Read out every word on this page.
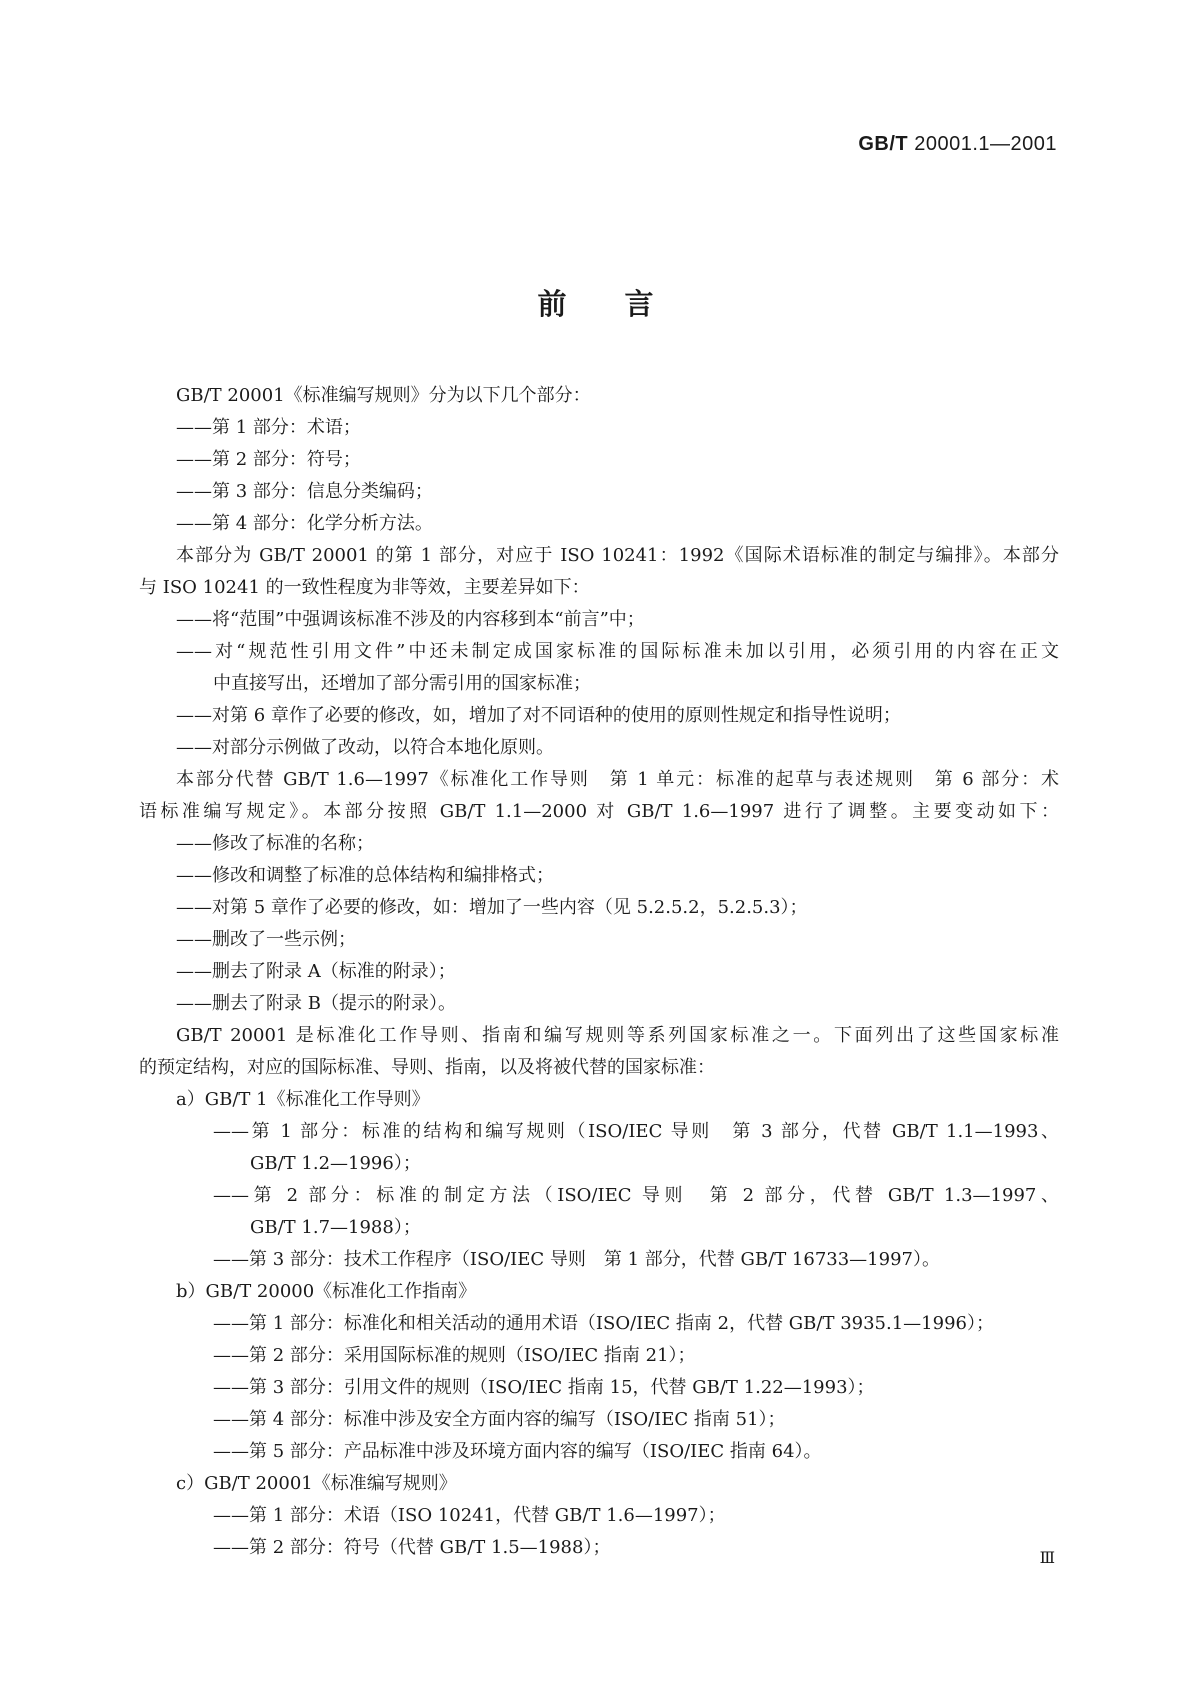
GB/T 20001.1—2001
前言
GB/T 20001《标准编写规则》分为以下几个部分：
——第 1 部分：术语；
——第 2 部分：符号；
——第 3 部分：信息分类编码；
——第 4 部分：化学分析方法。
本部分为 GB/T 20001 的第 1 部分，对应于 ISO 10241：1992《国际术语标准的制定与编排》。本部分
与 ISO 10241 的一致性程度为非等效，主要差异如下：
——将“范围”中强调该标准不涉及的内容移到本“前言”中；
——对“规范性引用文件”中还未制定成国家标准的国际标准未加以引用，必须引用的内容在正文
中直接写出，还增加了部分需引用的国家标准；
——对第 6 章作了必要的修改，如，增加了对不同语种的使用的原则性规定和指导性说明；
——对部分示例做了改动，以符合本地化原则。
本部分代替 GB/T 1.6—1997《标准化工作导则　第 1 单元：标准的起草与表述规则　第 6 部分：术
语标准编写规定》。本部分按照 GB/T 1.1—2000 对 GB/T 1.6—1997 进行了调整。主要变动如下：
——修改了标准的名称；
——修改和调整了标准的总体结构和编排格式；
——对第 5 章作了必要的修改，如：增加了一些内容（见 5.2.5.2，5.2.5.3）；
——删改了一些示例；
——删去了附录 A（标准的附录）；
——删去了附录 B（提示的附录）。
GB/T 20001 是标准化工作导则、指南和编写规则等系列国家标准之一。下面列出了这些国家标准
的预定结构，对应的国际标准、导则、指南，以及将被代替的国家标准：
a）GB/T 1《标准化工作导则》
——第 1 部分：标准的结构和编写规则（ISO/IEC 导则　第 3 部分，代替 GB/T 1.1—1993、
GB/T 1.2—1996）；
——第 2 部分：标准的制定方法（ISO/IEC 导则　第 2 部分，代替 GB/T 1.3—1997、
GB/T 1.7—1988）；
——第 3 部分：技术工作程序（ISO/IEC 导则　第 1 部分，代替 GB/T 16733—1997）。
b）GB/T 20000《标准化工作指南》
——第 1 部分：标准化和相关活动的通用术语（ISO/IEC 指南 2，代替 GB/T 3935.1—1996）；
——第 2 部分：采用国际标准的规则（ISO/IEC 指南 21）；
——第 3 部分：引用文件的规则（ISO/IEC 指南 15，代替 GB/T 1.22—1993）；
——第 4 部分：标准中涉及安全方面内容的编写（ISO/IEC 指南 51）；
——第 5 部分：产品标准中涉及环境方面内容的编写（ISO/IEC 指南 64）。
c）GB/T 20001《标准编写规则》
——第 1 部分：术语（ISO 10241，代替 GB/T 1.6—1997）；
——第 2 部分：符号（代替 GB/T 1.5—1988）；	Ⅲ
